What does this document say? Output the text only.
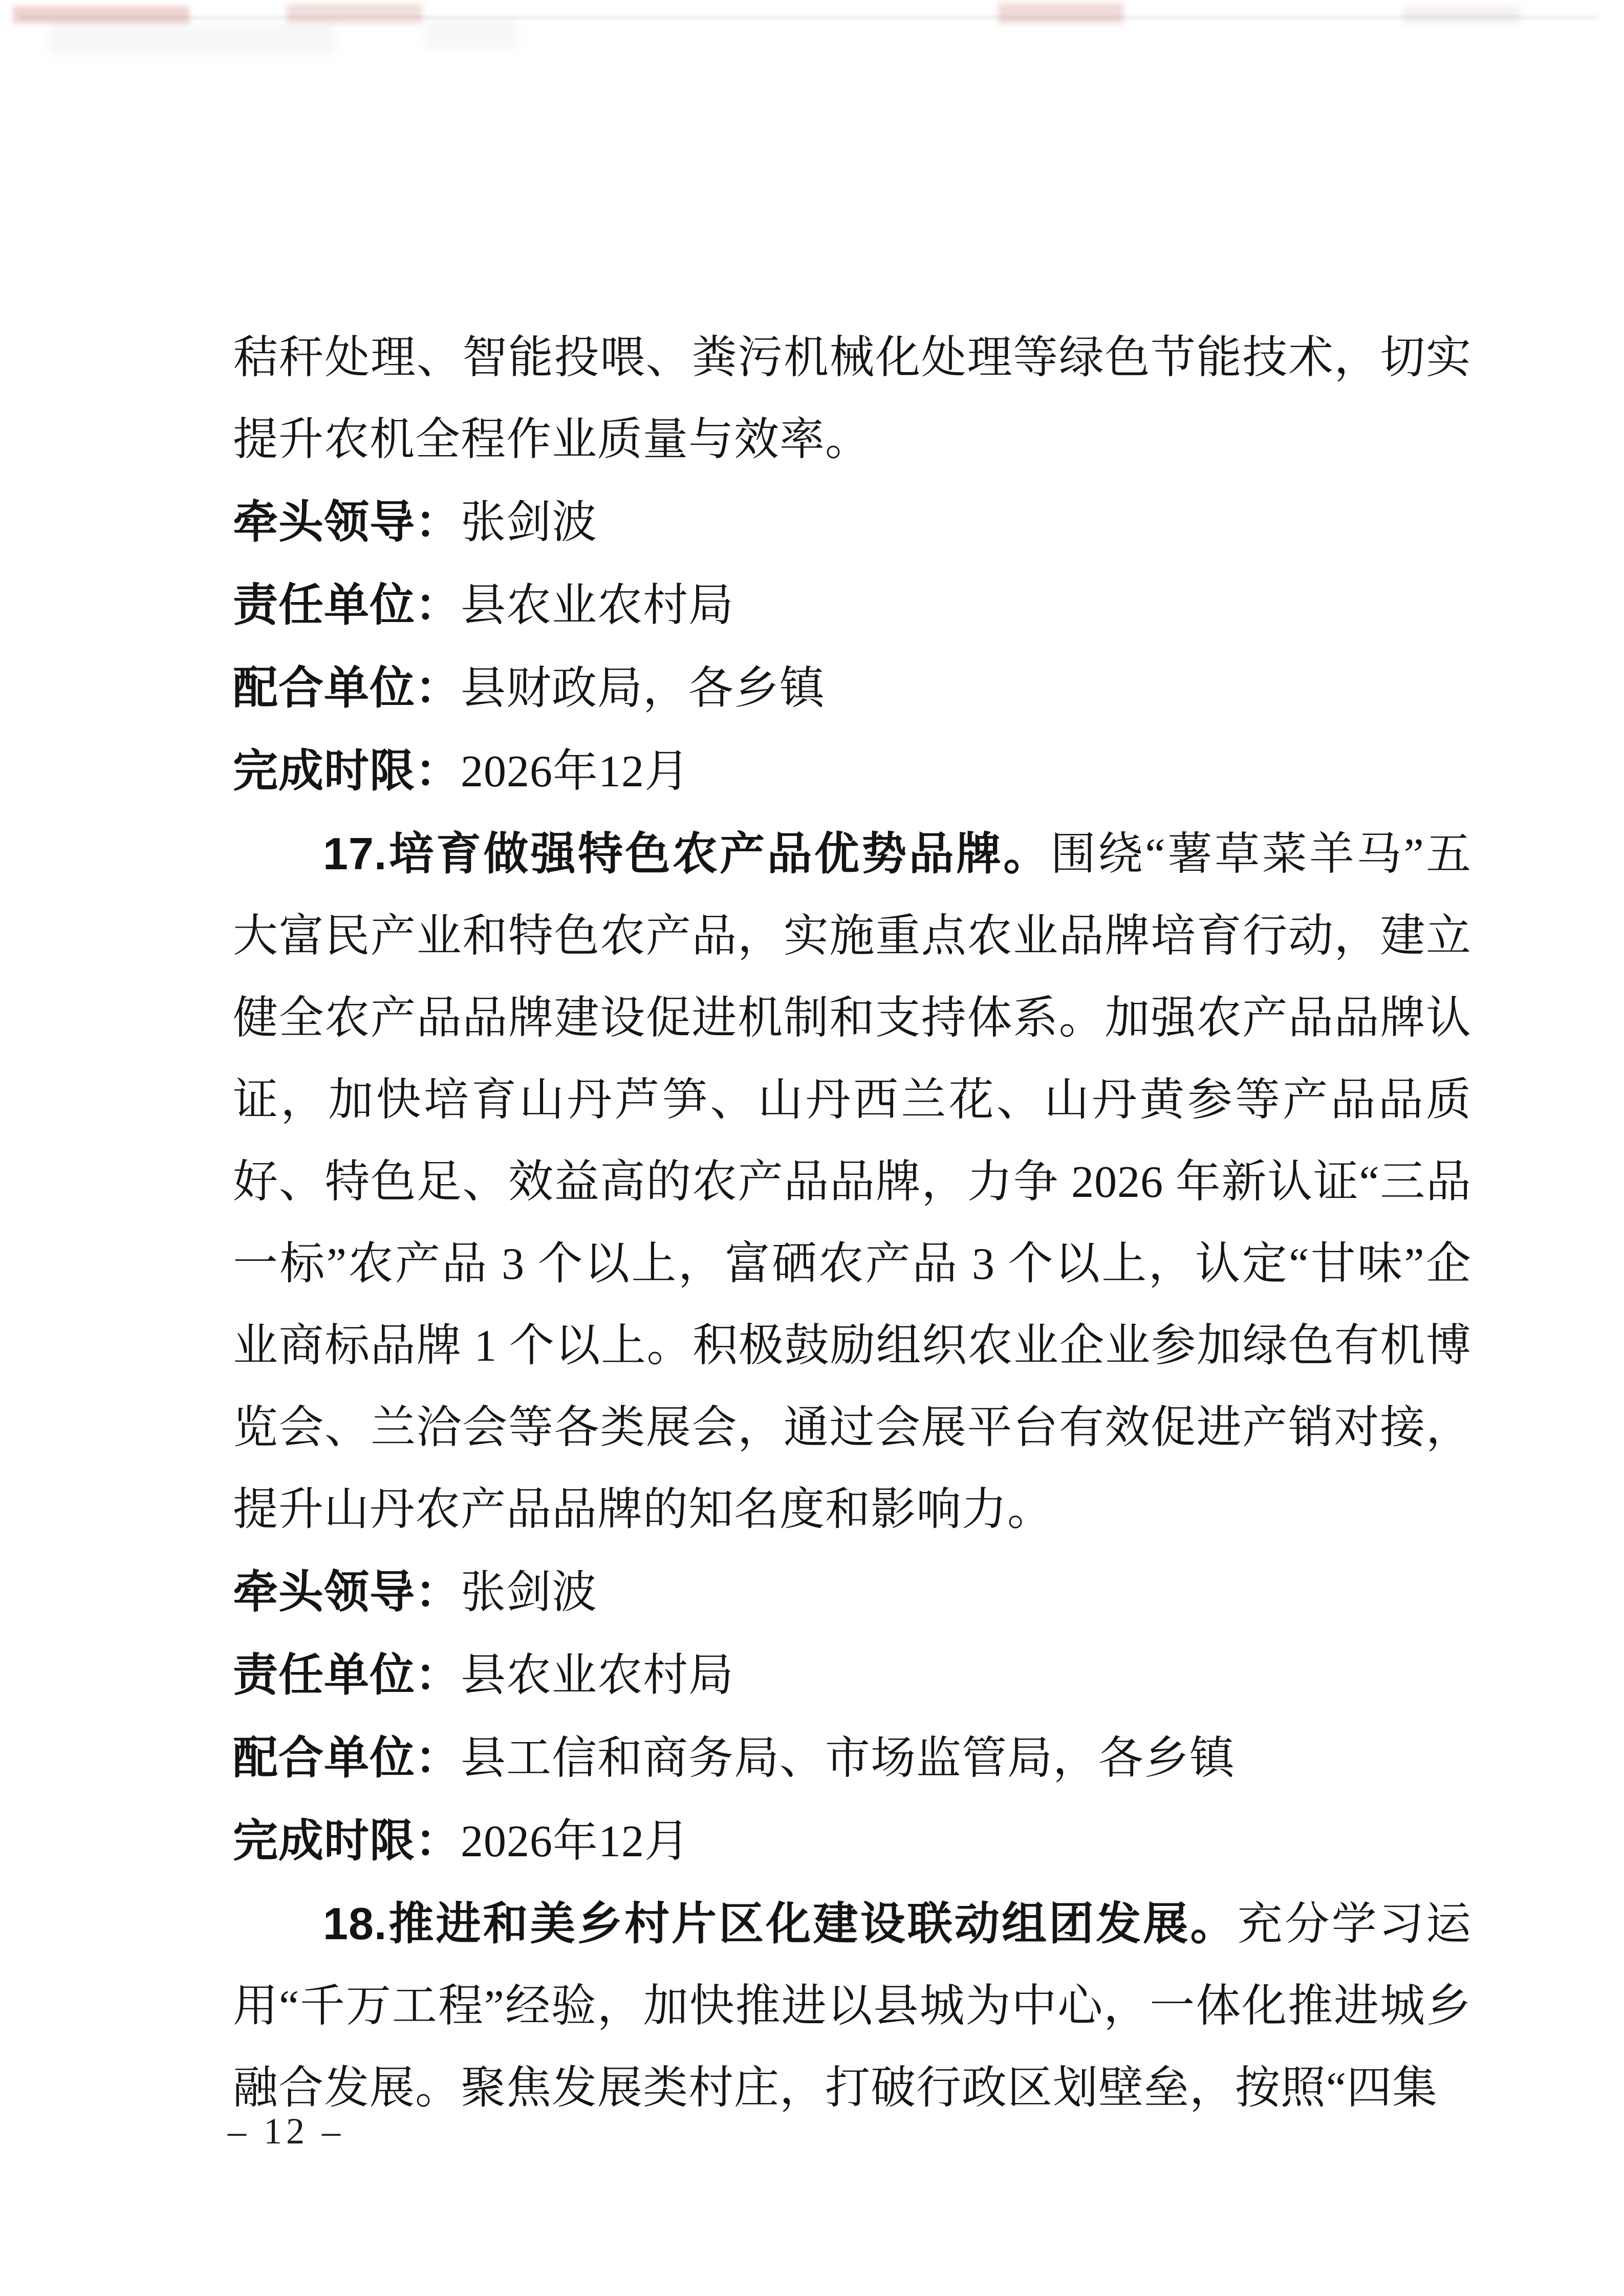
秸秆处理、智能投喂、粪污机械化处理等绿色节能技术，切实提升农机全程作业质量与效率。

牵头领导：张剑波

责任单位：县农业农村局

配合单位：县财政局，各乡镇

完成时限：2026年12月

17.培育做强特色农产品优势品牌。围绕“薯草菜羊马”五大富民产业和特色农产品，实施重点农业品牌培育行动，建立健全农产品品牌建设促进机制和支持体系。加强农产品品牌认证，加快培育山丹芦笋、山丹西兰花、山丹黄参等产品品质好、特色足、效益高的农产品品牌，力争 2026 年新认证“三品一标”农产品 3 个以上，富硒农产品 3 个以上，认定“甘味”企业商标品牌 1 个以上。积极鼓励组织农业企业参加绿色有机博览会、兰洽会等各类展会，通过会展平台有效促进产销对接，提升山丹农产品品牌的知名度和影响力。

牵头领导：张剑波

责任单位：县农业农村局

配合单位：县工信和商务局、市场监管局，各乡镇

完成时限：2026年12月

18.推进和美乡村片区化建设联动组团发展。充分学习运用“千万工程”经验，加快推进以县城为中心，一体化推进城乡融合发展。聚焦发展类村庄，打破行政区划壁垒，按照“四集

– 12 –
